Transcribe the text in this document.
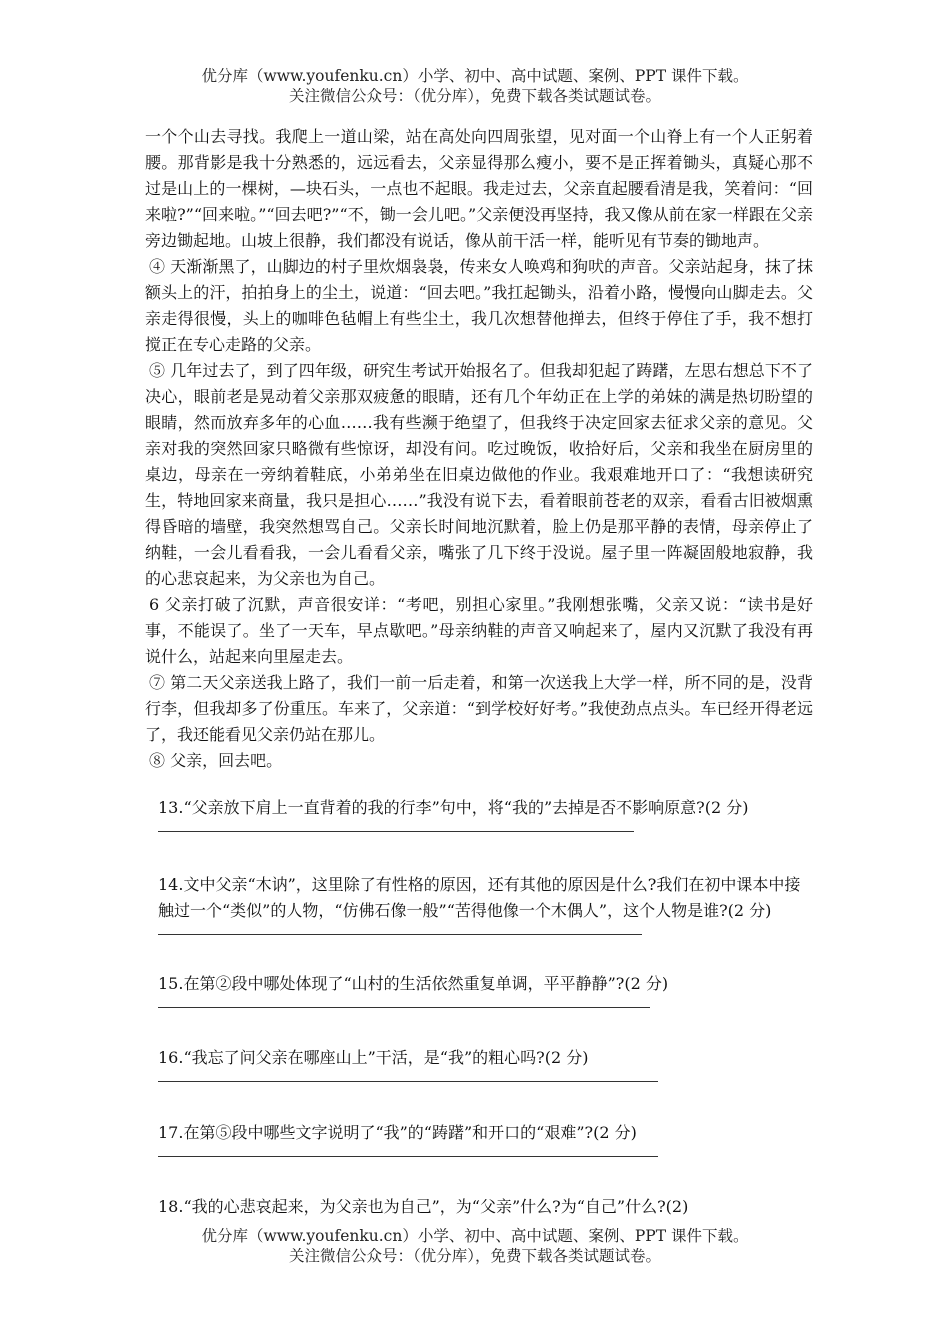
优分库（www.youfenku.cn）小学、初中、高中试题、案例、PPT 课件下载。
关注微信公众号：（优分库），免费下载各类试题试卷。

一个个山去寻找。我爬上一道山梁，站在高处向四周张望，见对面一个山脊上有一个人正躬着腰。那背影是我十分熟悉的，远远看去，父亲显得那么瘦小，要不是正挥着锄头，真疑心那不过是山上的一棵树，—块石头，一点也不起眼。我走过去，父亲直起腰看清是我，笑着问：“回来啦?”“回来啦。”“回去吧?”“不，锄一会儿吧。”父亲便没再坚持，我又像从前在家一样跟在父亲旁边锄起地。山坡上很静，我们都没有说话，像从前干活一样，能听见有节奏的锄地声。

④ 天渐渐黑了，山脚边的村子里炊烟袅袅，传来女人唤鸡和狗吠的声音。父亲站起身，抹了抹额头上的汗，拍拍身上的尘土，说道：“回去吧。”我扛起锄头，沿着小路，慢慢向山脚走去。父亲走得很慢，头上的咖啡色毡帽上有些尘土，我几次想替他掸去，但终于停住了手，我不想打搅正在专心走路的父亲。

⑤ 几年过去了，到了四年级，研究生考试开始报名了。但我却犯起了踌躇，左思右想总下不了决心，眼前老是晃动着父亲那双疲惫的眼睛，还有几个年幼正在上学的弟妹的满是热切盼望的眼睛，然而放弃多年的心血……我有些濒于绝望了，但我终于决定回家去征求父亲的意见。父亲对我的突然回家只略微有些惊讶，却没有问。吃过晚饭，收拾好后，父亲和我坐在厨房里的桌边，母亲在一旁纳着鞋底，小弟弟坐在旧桌边做他的作业。我艰难地开口了：“我想读研究生，特地回家来商量，我只是担心……”我没有说下去，看着眼前苍老的双亲，看看古旧被烟熏得昏暗的墙壁，我突然想骂自己。父亲长时间地沉默着，脸上仍是那平静的表情，母亲停止了纳鞋，一会儿看看我，一会儿看看父亲，嘴张了几下终于没说。屋子里一阵凝固般地寂静，我的心悲哀起来，为父亲也为自己。

6 父亲打破了沉默，声音很安详：“考吧，别担心家里。”我刚想张嘴，父亲又说：“读书是好事，不能误了。坐了一天车，早点歇吧。”母亲纳鞋的声音又响起来了，屋内又沉默了我没有再说什么，站起来向里屋走去。

⑦ 第二天父亲送我上路了，我们一前一后走着，和第一次送我上大学一样，所不同的是，没背行李，但我却多了份重压。车来了，父亲道：“到学校好好考。”我使劲点点头。车已经开得老远了，我还能看见父亲仍站在那儿。

⑧ 父亲，回去吧。

13.“父亲放下肩上一直背着的我的行李”句中，将“我的”去掉是否不影响原意?(2 分)

14.文中父亲“木讷”，这里除了有性格的原因，还有其他的原因是什么?我们在初中课本中接触过一个“类似”的人物，“仿佛石像一般”“苦得他像一个木偶人”，这个人物是谁?(2 分)

15.在第②段中哪处体现了“山村的生活依然重复单调，平平静静”?(2 分)

16.“我忘了问父亲在哪座山上”干活，是“我”的粗心吗?(2 分)

17.在第⑤段中哪些文字说明了“我”的“踌躇”和开口的“艰难”?(2 分)

18.“我的心悲哀起来，为父亲也为自己”，为“父亲”什么?为“自己”什么?(2)

优分库（www.youfenku.cn）小学、初中、高中试题、案例、PPT 课件下载。
关注微信公众号：（优分库），免费下载各类试题试卷。
